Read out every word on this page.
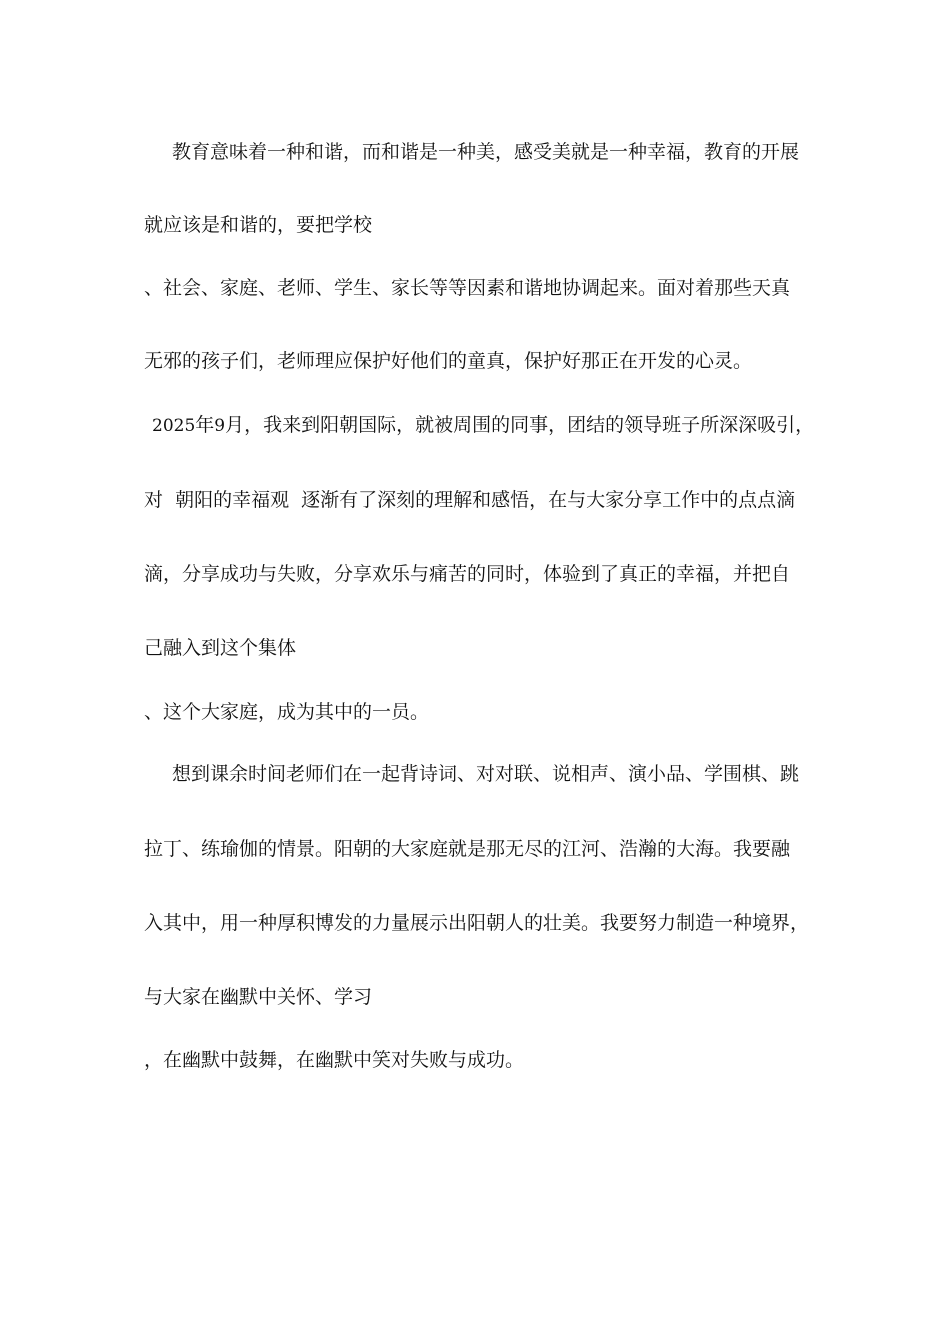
教育意味着一种和谐，而和谐是一种美，感受美就是一种幸福，教育的开展
就应该是和谐的，要把学校
、社会、家庭、老师、学生、家长等等因素和谐地协调起来。面对着那些天真
无邪的孩子们，老师理应保护好他们的童真，保护好那正在开发的心灵。
2025年9月，我来到阳朝国际，就被周围的同事，团结的领导班子所深深吸引，
对  朝阳的幸福观  逐渐有了深刻的理解和感悟，在与大家分享工作中的点点滴
滴，分享成功与失败，分享欢乐与痛苦的同时，体验到了真正的幸福，并把自
己融入到这个集体
、这个大家庭，成为其中的一员。
想到课余时间老师们在一起背诗词、对对联、说相声、演小品、学围棋、跳
拉丁、练瑜伽的情景。阳朝的大家庭就是那无尽的江河、浩瀚的大海。我要融
入其中，用一种厚积博发的力量展示出阳朝人的壮美。我要努力制造一种境界，
与大家在幽默中关怀、学习
，在幽默中鼓舞，在幽默中笑对失败与成功。
